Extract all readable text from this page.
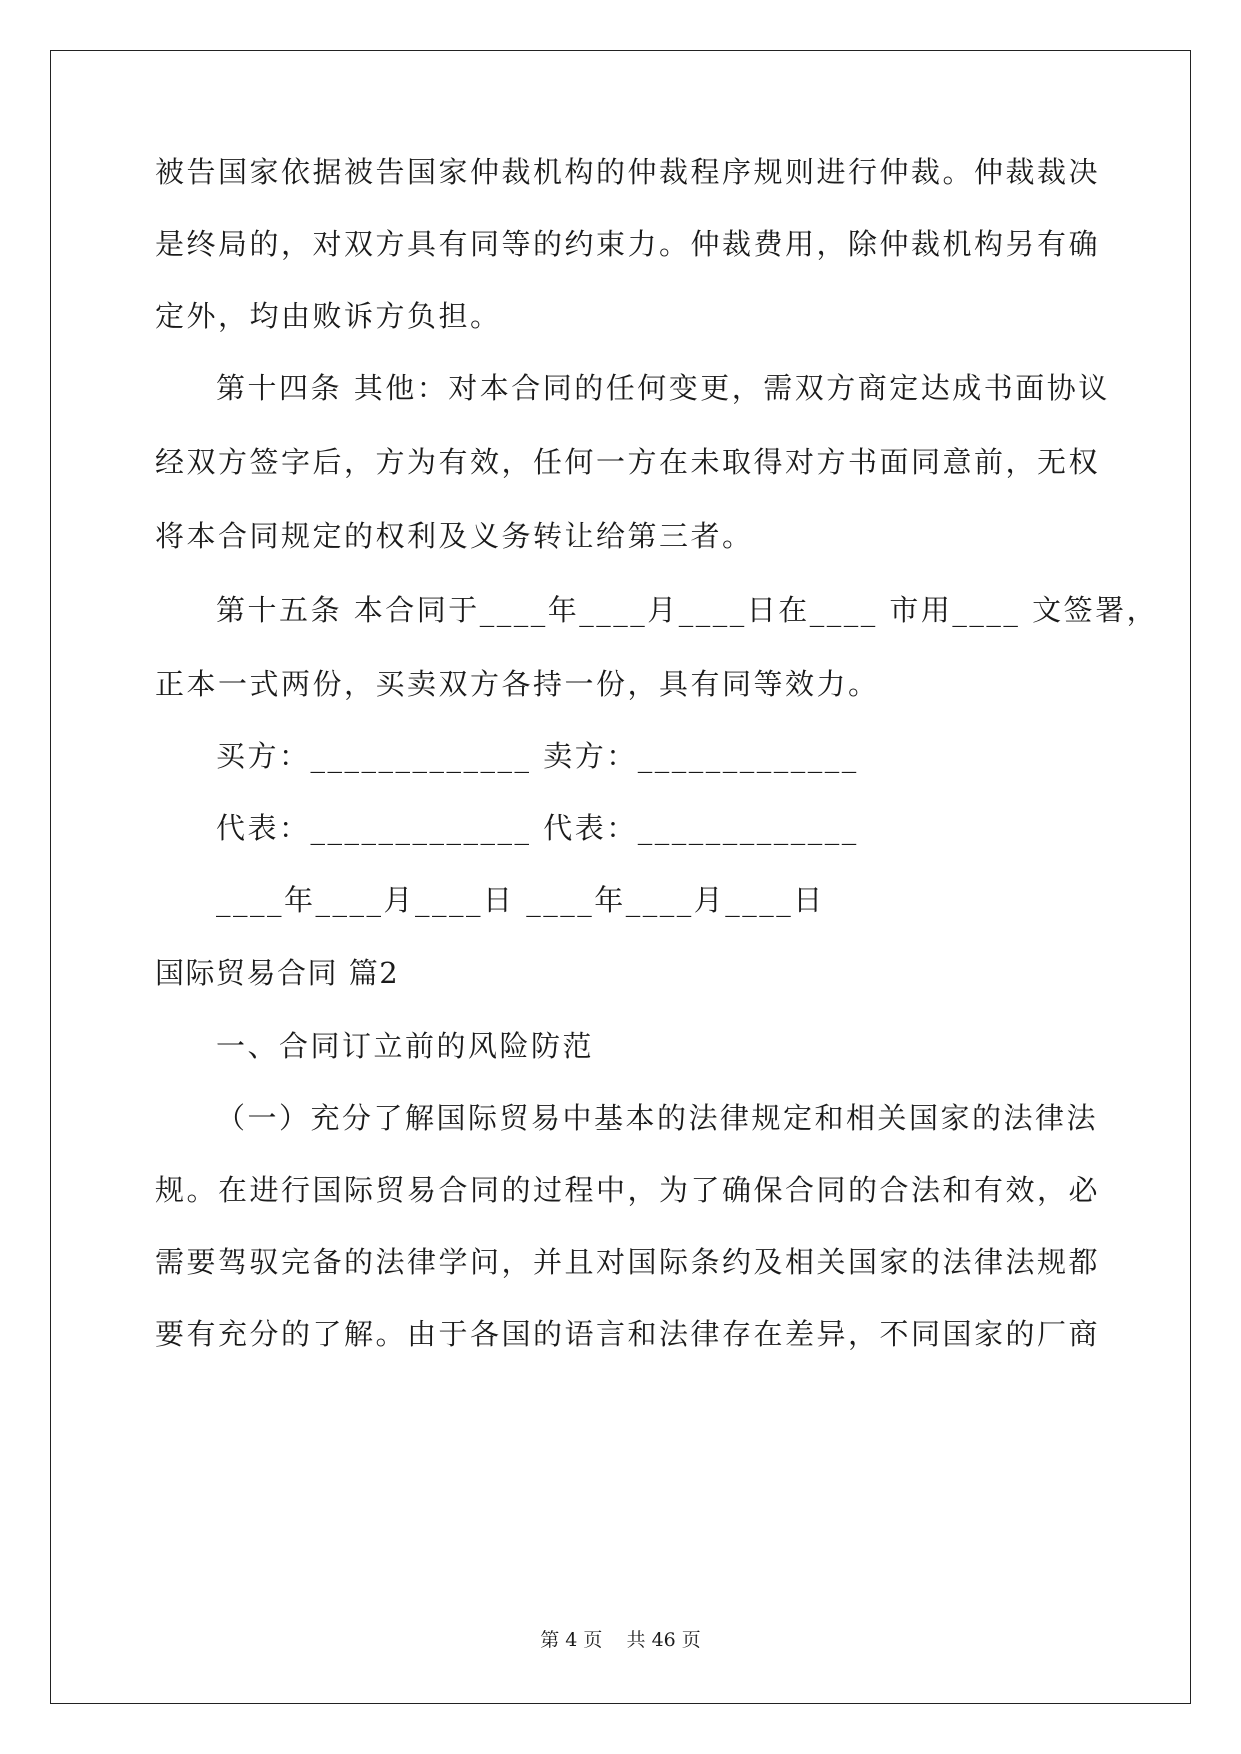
被告国家依据被告国家仲裁机构的仲裁程序规则进行仲裁。仲裁裁决
是终局的，对双方具有同等的约束力。仲裁费用，除仲裁机构另有确
定外，均由败诉方负担。
第十四条 其他：对本合同的任何变更，需双方商定达成书面协议
经双方签字后，方为有效，任何一方在未取得对方书面同意前，无权
将本合同规定的权利及义务转让给第三者。
第十五条 本合同于____年____月____日在____ 市用____ 文签署，
正本一式两份，买卖双方各持一份，具有同等效力。
买方：_____________ 卖方：_____________
代表：_____________ 代表：_____________
____年____月____日 ____年____月____日
国际贸易合同 篇2
一、合同订立前的风险防范
（一）充分了解国际贸易中基本的法律规定和相关国家的法律法
规。在进行国际贸易合同的过程中，为了确保合同的合法和有效，必
需要驾驭完备的法律学问，并且对国际条约及相关国家的法律法规都
要有充分的了解。由于各国的语言和法律存在差异，不同国家的厂商
第 4 页    共 46 页
